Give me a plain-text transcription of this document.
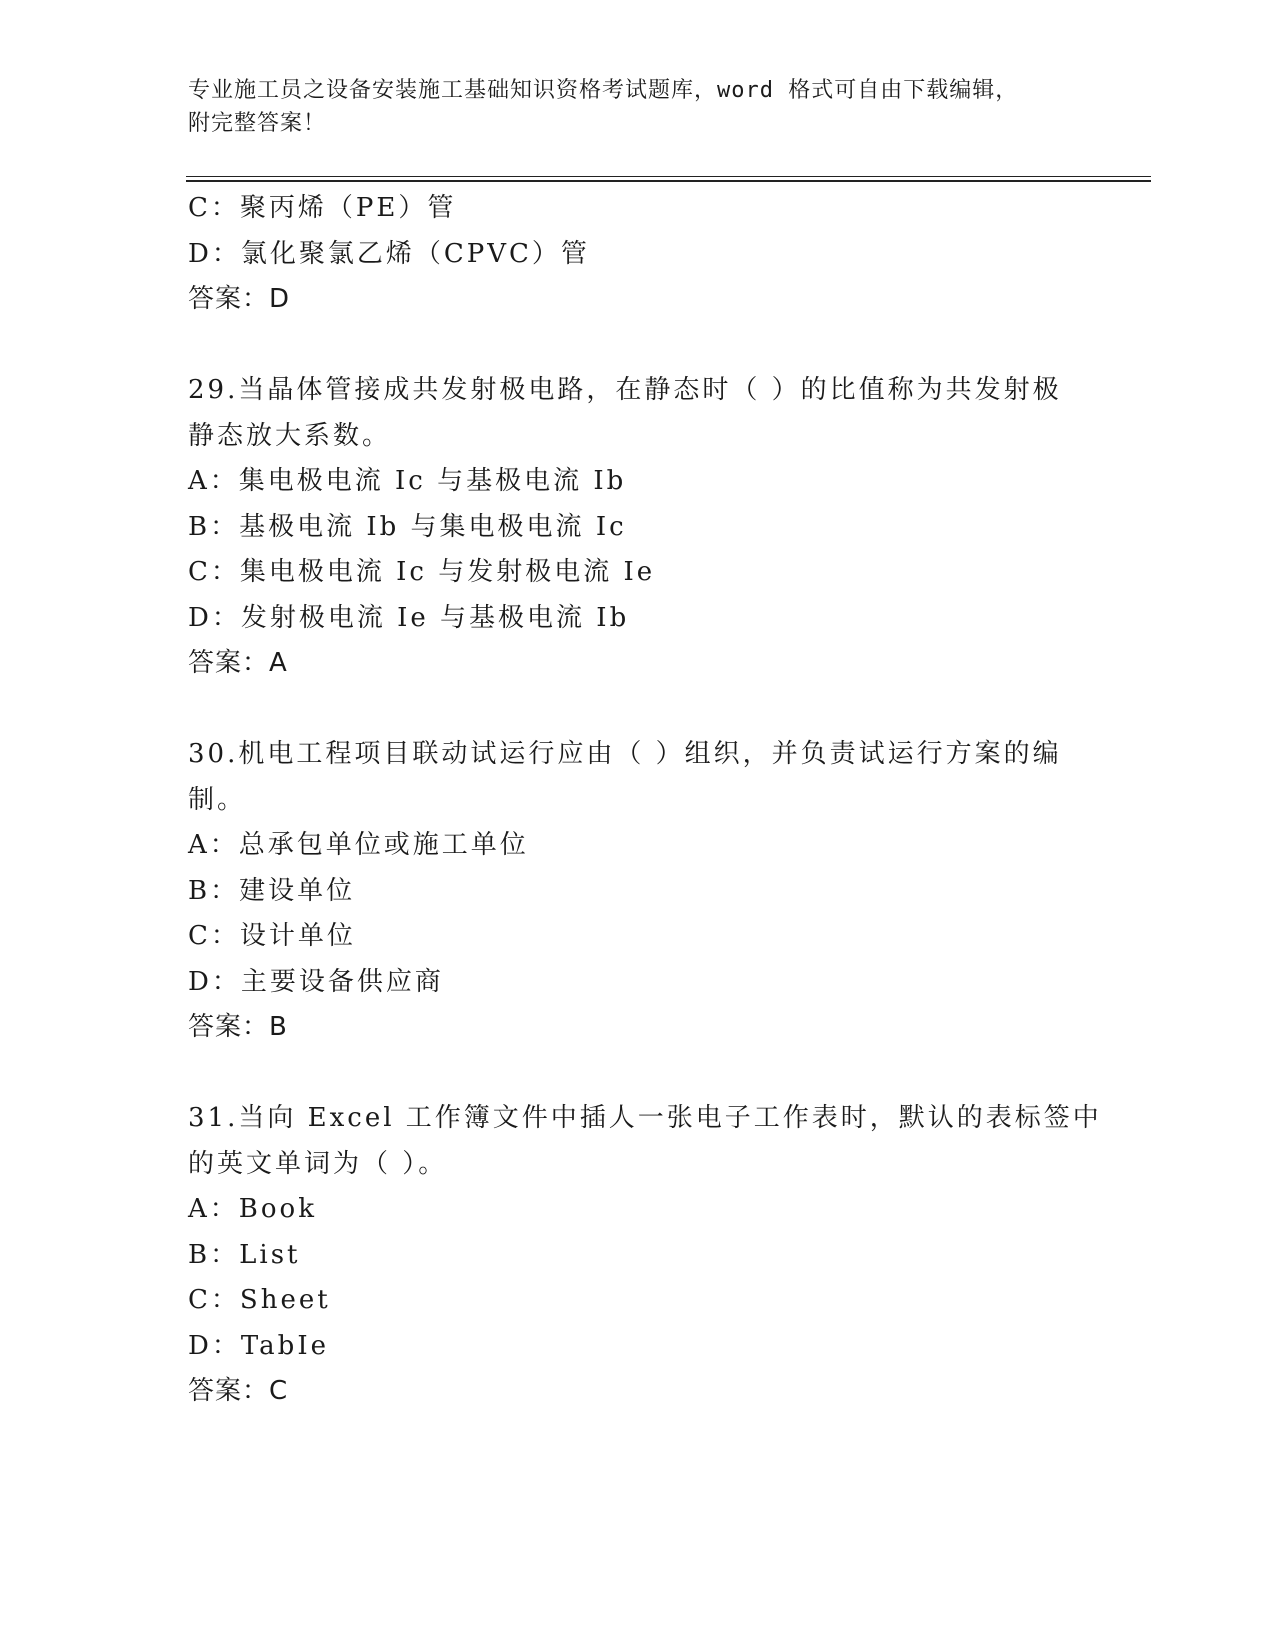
专业施工员之设备安装施工基础知识资格考试题库，word 格式可自由下载编辑，
附完整答案！
C：聚丙烯（PE）管
D：氯化聚氯乙烯（CPVC）管
答案：D
29.当晶体管接成共发射极电路，在静态时（ ）的比值称为共发射极
静态放大系数。
A：集电极电流 Ic 与基极电流 Ib
B：基极电流 Ib 与集电极电流 Ic
C：集电极电流 Ic 与发射极电流 Ie
D：发射极电流 Ie 与基极电流 Ib
答案：A
30.机电工程项目联动试运行应由（ ）组织，并负责试运行方案的编
制。
A：总承包单位或施工单位
B：建设单位
C：设计单位
D：主要设备供应商
答案：B
31.当向 Excel 工作簿文件中插人一张电子工作表时，默认的表标签中
的英文单词为（ ）。
A：Book
B：List
C：Sheet
D：TabIe
答案：C
